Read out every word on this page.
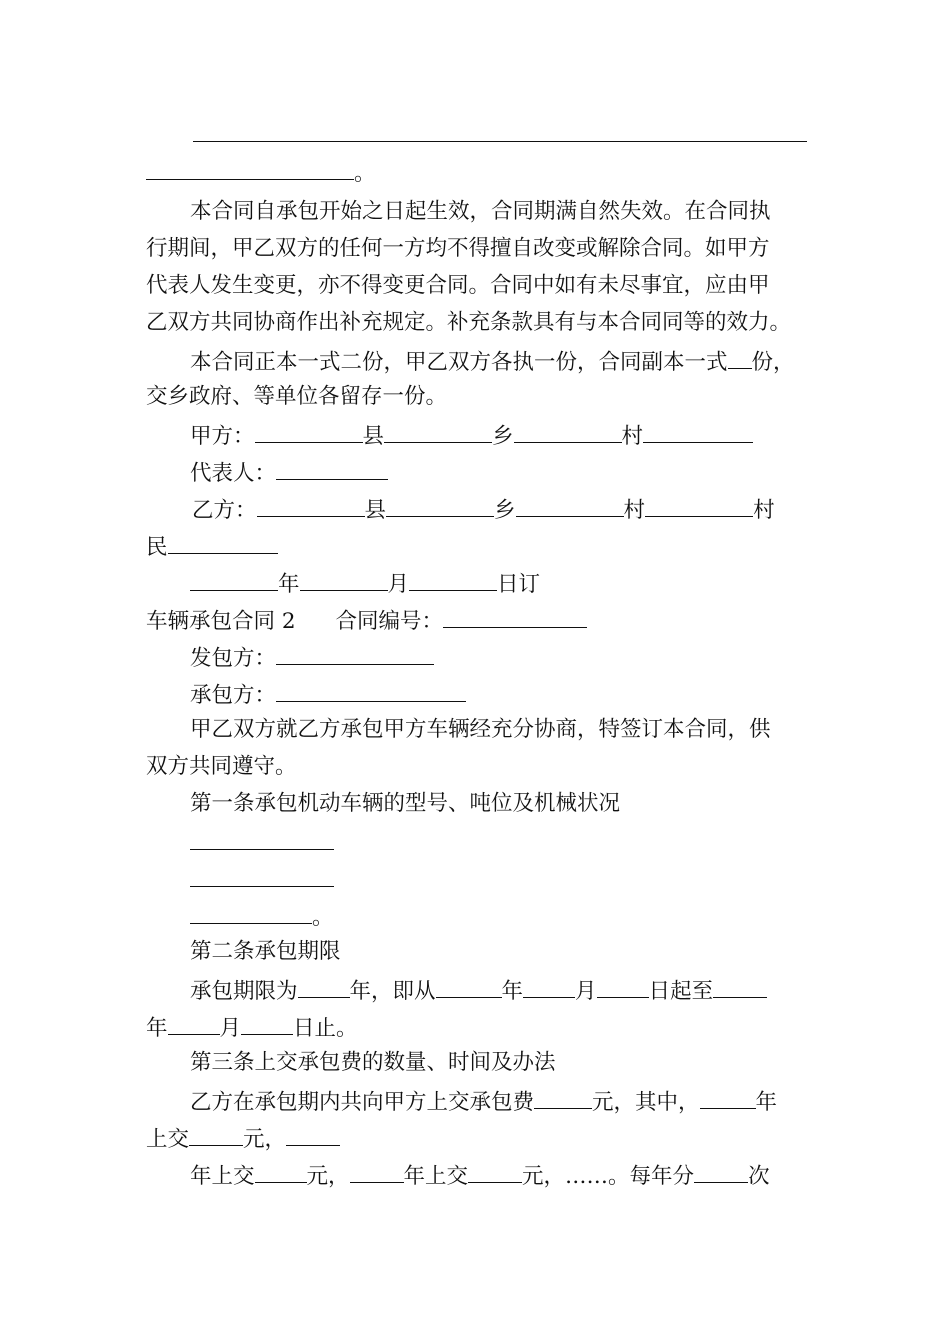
。
本合同自承包开始之日起生效，合同期满自然失效。在合同执
行期间，甲乙双方的任何一方均不得擅自改变或解除合同。如甲方
代表人发生变更，亦不得变更合同。合同中如有未尽事宜，应由甲
乙双方共同协商作出补充规定。补充条款具有与本合同同等的效力。
本合同正本一式二份，甲乙双方各执一份，合同副本一式 份，
交乡政府、等单位各留存一份。
甲方：	县	乡	村
代表人：
乙方：	县	乡	村	村
民
年	月	日订
车辆承包合同 2 合同编号：
发包方：
承包方：
甲乙双方就乙方承包甲方车辆经充分协商，特签订本合同，供
双方共同遵守。
第一条承包机动车辆的型号、吨位及机械状况
。
第二条承包期限
承包期限为 年，即从	年 月 日起至
年 月 日止。
第三条上交承包费的数量、时间及办法
乙方在承包期内共向甲方上交承包费	元，其中，	年
上交	元，
年上交 元，	年上交	元，……。每年分	次
